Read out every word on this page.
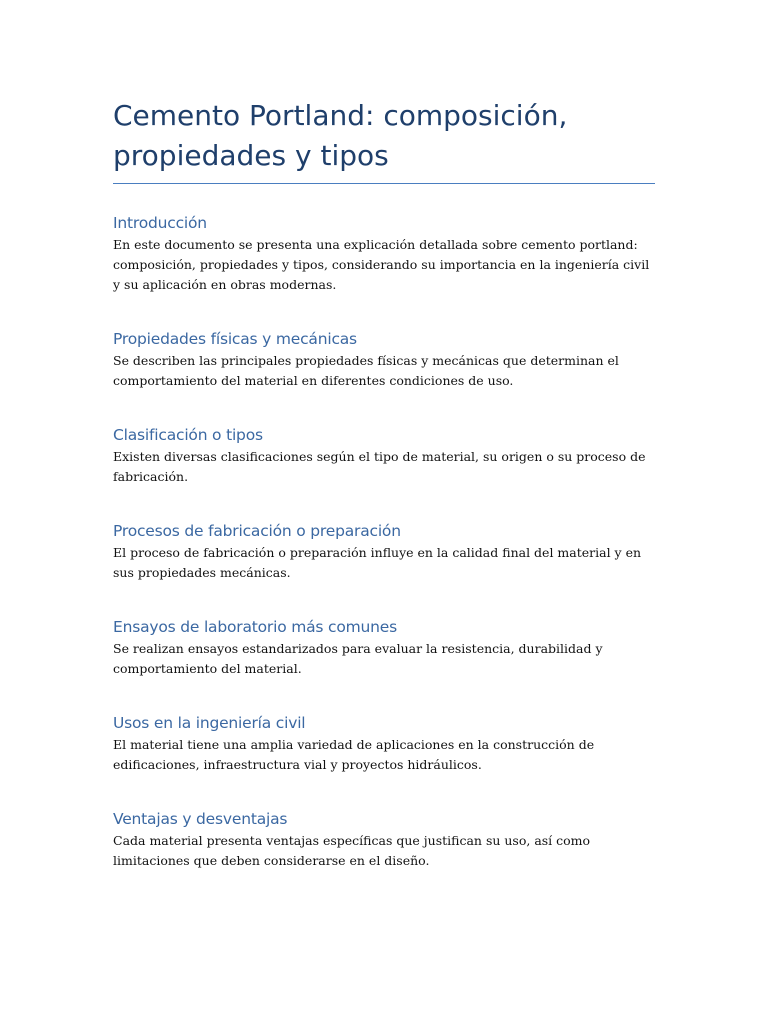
Cemento Portland: composición, propiedades y tipos
Introducción

En este documento se presenta una explicación detallada sobre cemento portland: composición, propiedades y tipos, considerando su importancia en la ingeniería civil y su aplicación en obras modernas.

Propiedades físicas y mecánicas

Se describen las principales propiedades físicas y mecánicas que determinan el comportamiento del material en diferentes condiciones de uso.

Clasificación o tipos

Existen diversas clasificaciones según el tipo de material, su origen o su proceso de fabricación.

Procesos de fabricación o preparación

El proceso de fabricación o preparación influye en la calidad final del material y en sus propiedades mecánicas.

Ensayos de laboratorio más comunes

Se realizan ensayos estandarizados para evaluar la resistencia, durabilidad y comportamiento del material.

Usos en la ingeniería civil

El material tiene una amplia variedad de aplicaciones en la construcción de edificaciones, infraestructura vial y proyectos hidráulicos.

Ventajas y desventajas

Cada material presenta ventajas específicas que justifican su uso, así como limitaciones que deben considerarse en el diseño.
